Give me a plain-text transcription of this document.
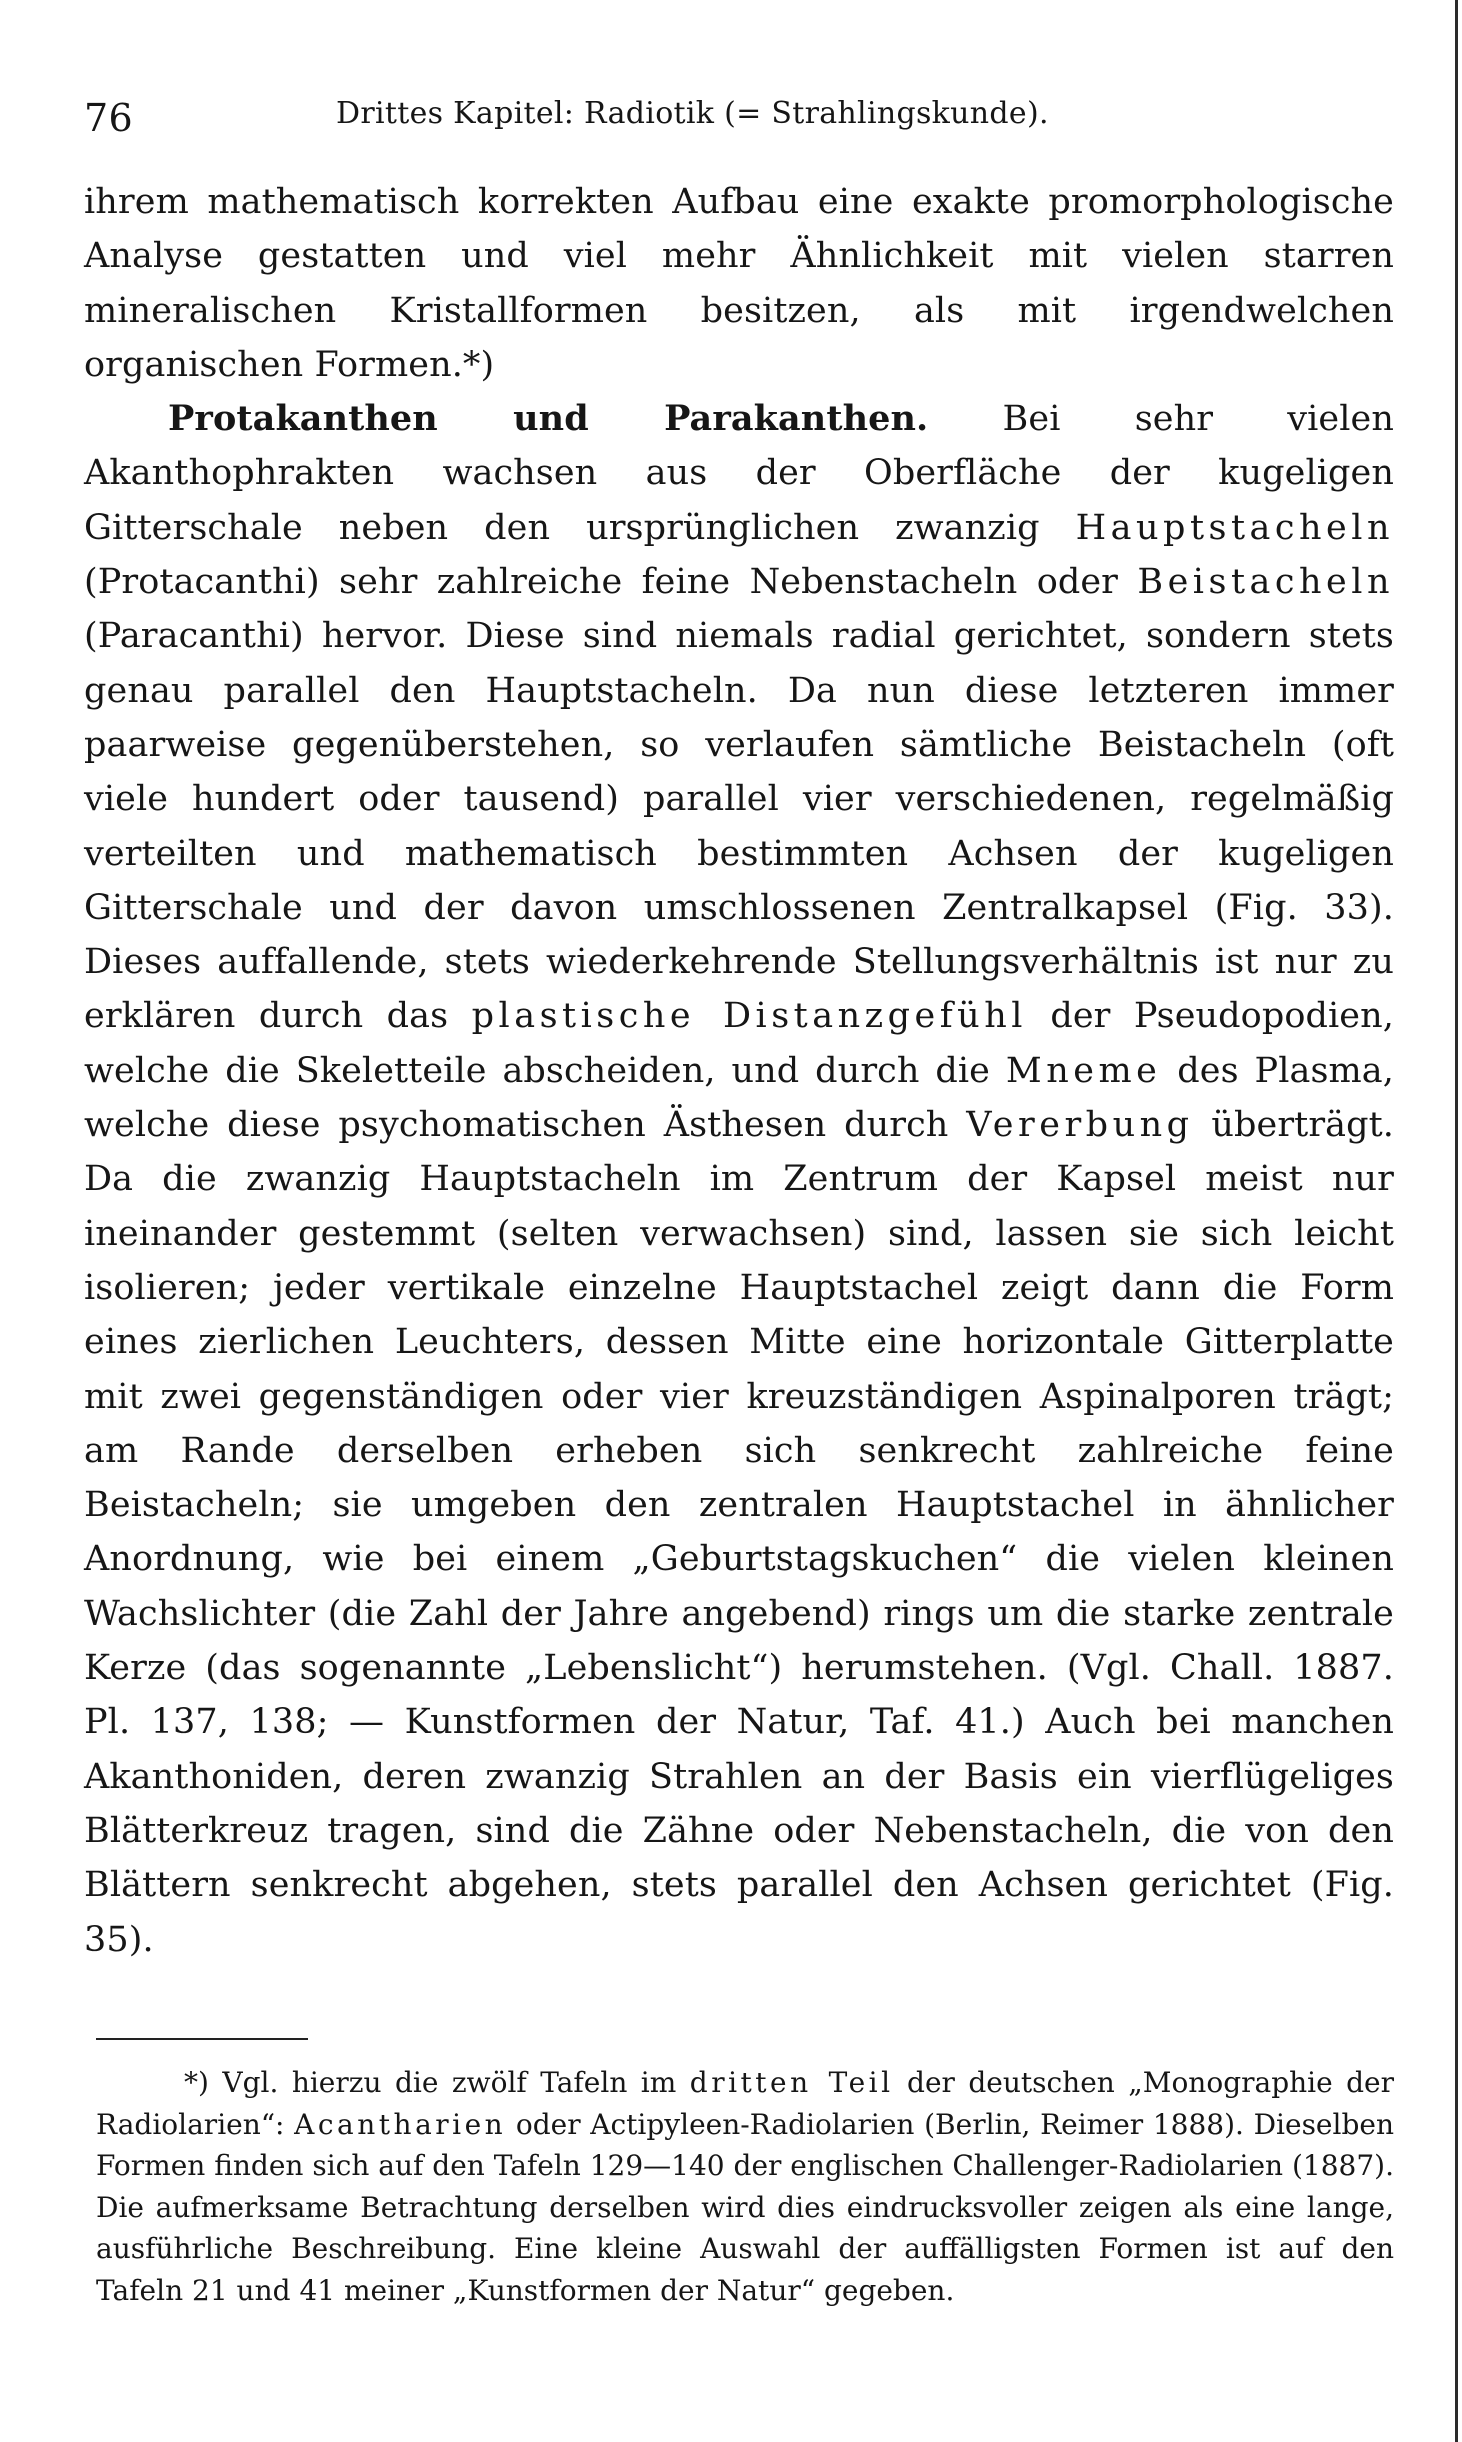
76	Drittes Kapitel: Radiotik (= Strahlingskunde).

ihrem mathematisch korrekten Aufbau eine exakte promorphologische Analyse gestatten und viel mehr Ähnlichkeit mit vielen starren mineralischen Kristallformen besitzen, als mit irgendwelchen organischen Formen.*)

Protakanthen und Parakanthen. Bei sehr vielen Akanthophrakten wachsen aus der Oberfläche der kugeligen Gitterschale neben den ursprünglichen zwanzig Hauptstacheln (Protacanthi) sehr zahlreiche feine Nebenstacheln oder Beistacheln (Paracanthi) hervor. Diese sind niemals radial gerichtet, sondern stets genau parallel den Hauptstacheln. Da nun diese letzteren immer paarweise gegenüberstehen, so verlaufen sämtliche Beistacheln (oft viele hundert oder tausend) parallel vier verschiedenen, regelmäßig verteilten und mathematisch bestimmten Achsen der kugeligen Gitterschale und der davon umschlossenen Zentralkapsel (Fig. 33). Dieses auffallende, stets wiederkehrende Stellungsverhältnis ist nur zu erklären durch das plastische Distanzgefühl der Pseudopodien, welche die Skeletteile abscheiden, und durch die Mneme des Plasma, welche diese psychomatischen Ästhesen durch Vererbung überträgt. Da die zwanzig Hauptstacheln im Zentrum der Kapsel meist nur ineinander gestemmt (selten verwachsen) sind, lassen sie sich leicht isolieren; jeder vertikale einzelne Hauptstachel zeigt dann die Form eines zierlichen Leuchters, dessen Mitte eine horizontale Gitterplatte mit zwei gegenständigen oder vier kreuzständigen Aspinalporen trägt; am Rande derselben erheben sich senkrecht zahlreiche feine Beistacheln; sie umgeben den zentralen Hauptstachel in ähnlicher Anordnung, wie bei einem „Geburtstagskuchen“ die vielen kleinen Wachslichter (die Zahl der Jahre angebend) rings um die starke zentrale Kerze (das sogenannte „Lebenslicht“) herumstehen. (Vgl. Chall. 1887. Pl. 137, 138; — Kunstformen der Natur, Taf. 41.) Auch bei manchen Akanthoniden, deren zwanzig Strahlen an der Basis ein vierflügeliges Blätterkreuz tragen, sind die Zähne oder Nebenstacheln, die von den Blättern senkrecht abgehen, stets parallel den Achsen gerichtet (Fig. 35).

*) Vgl. hierzu die zwölf Tafeln im dritten Teil der deutschen „Monographie der Radiolarien“: Acantharien oder Actipyleen-Radiolarien (Berlin, Reimer 1888). Dieselben Formen finden sich auf den Tafeln 129—140 der englischen Challenger-Radiolarien (1887). Die aufmerksame Betrachtung derselben wird dies eindrucksvoller zeigen als eine lange, ausführliche Beschreibung. Eine kleine Auswahl der auffälligsten Formen ist auf den Tafeln 21 und 41 meiner „Kunstformen der Natur“ gegeben.
